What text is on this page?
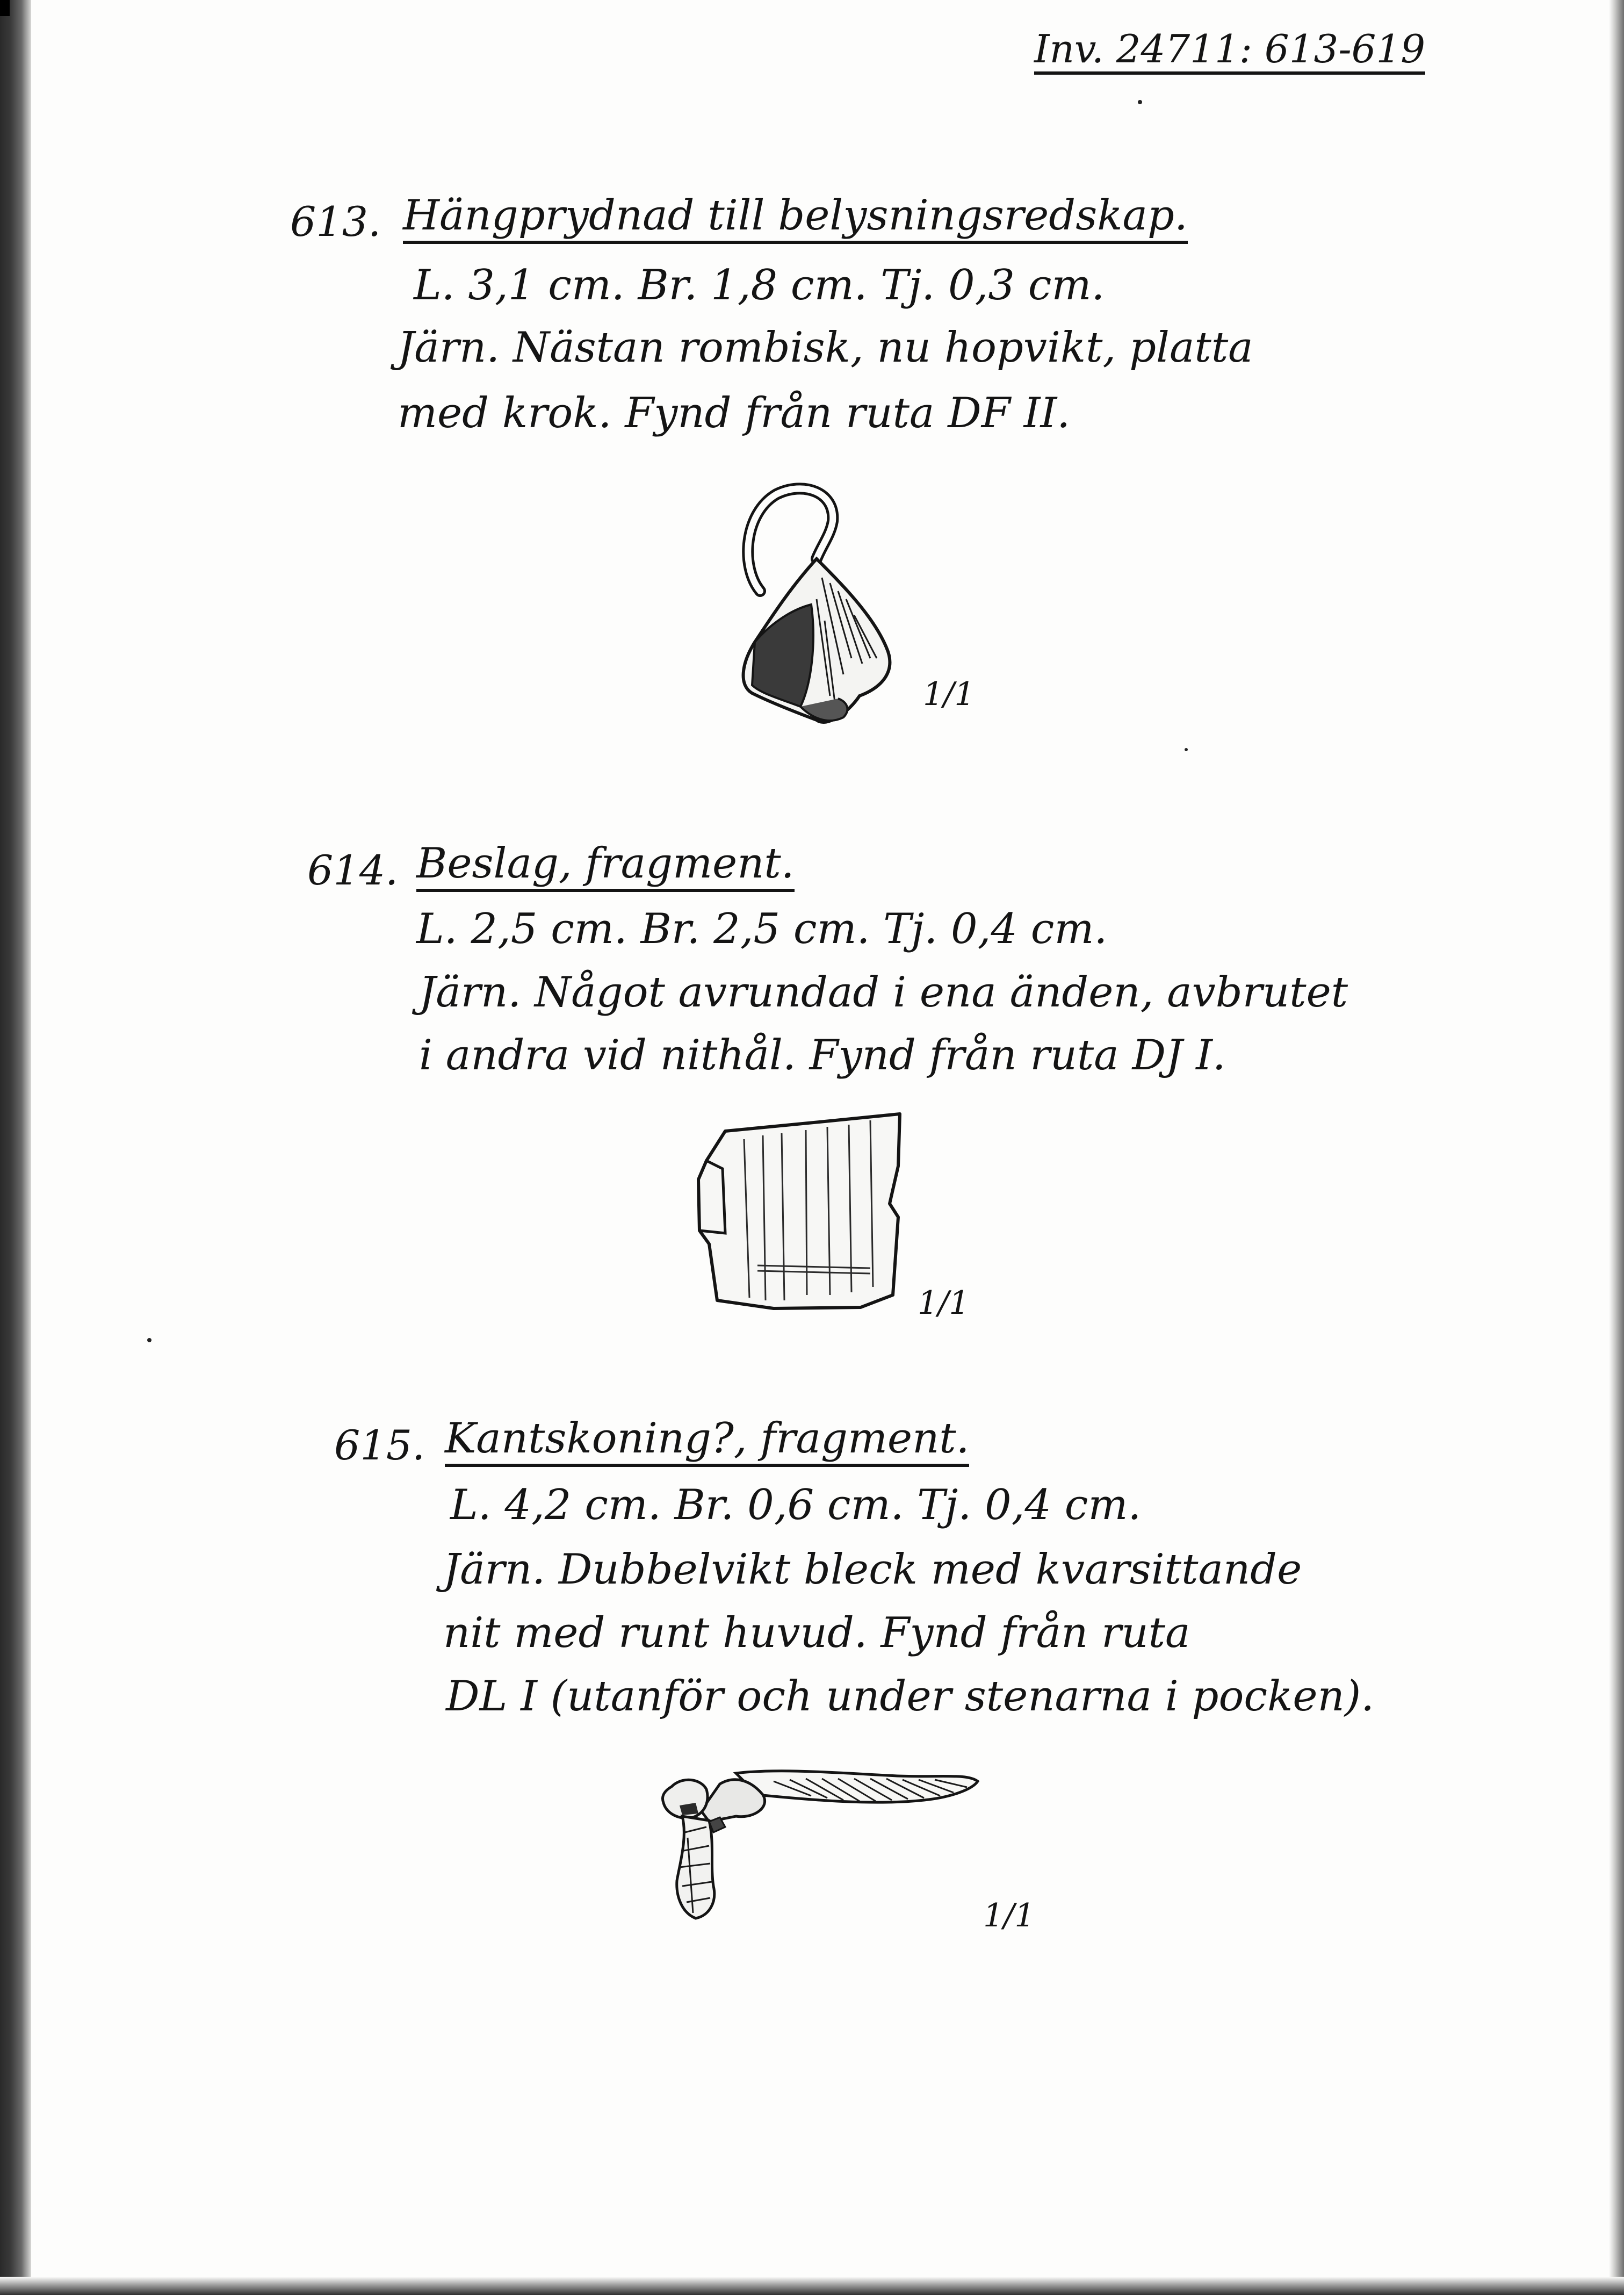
Inv. 24711: 613-619
613. Hängprydnad till belysningsredskap.
L. 3,1 cm. Br. 1,8 cm. Tj. 0,3 cm.
Järn. Nästan rombisk, nu hopvikt, platta
med krok. Fynd från ruta DF II.
1/1
614. Beslag, fragment.
L. 2,5 cm. Br. 2,5 cm. Tj. 0,4 cm.
Järn. Något avrundad i ena änden, avbrutet
i andra vid nithål. Fynd från ruta DJ I.
1/1
615. Kantskoning?, fragment.
L. 4,2 cm. Br. 0,6 cm. Tj. 0,4 cm.
Järn. Dubbelvikt bleck med kvarsittande
nit med runt huvud. Fynd från ruta
DL I (utanför och under stenarna i pocken).
1/1
